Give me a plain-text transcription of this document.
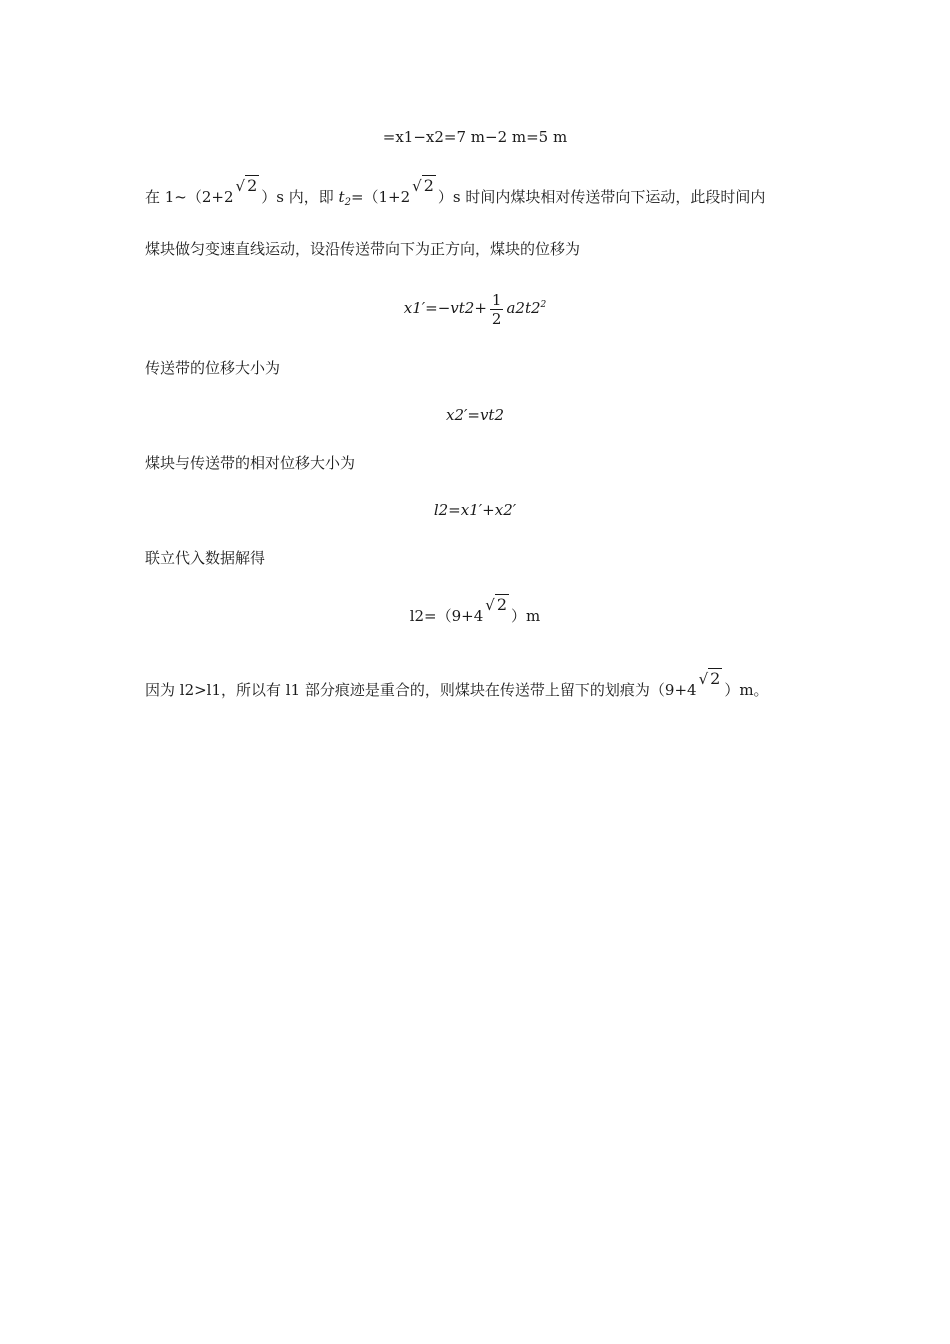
=x1−x2=7 m−2 m=5 m
在 1~（2+2√ 2）s 内，即 $t_2=(1+2√$ 2）s 时间内煤块相对传送带向下运动，此段时间内
煤块做匀变速直线运动，设沿传送带向下为正方向，煤块的位移为
$x1'=-vt2+ \frac{1}{2} a2t2^2$
传送带的位移大小为
x2′=vt2
煤块与传送带的相对位移大小为
l2=x1′+x2′
联立代入数据解得
l2=（9+4√ 2）m
因为 l2>l1，所以有 l1 部分痕迹是重合的，则煤块在传送带上留下的划痕为（9+4√ 2）m。
